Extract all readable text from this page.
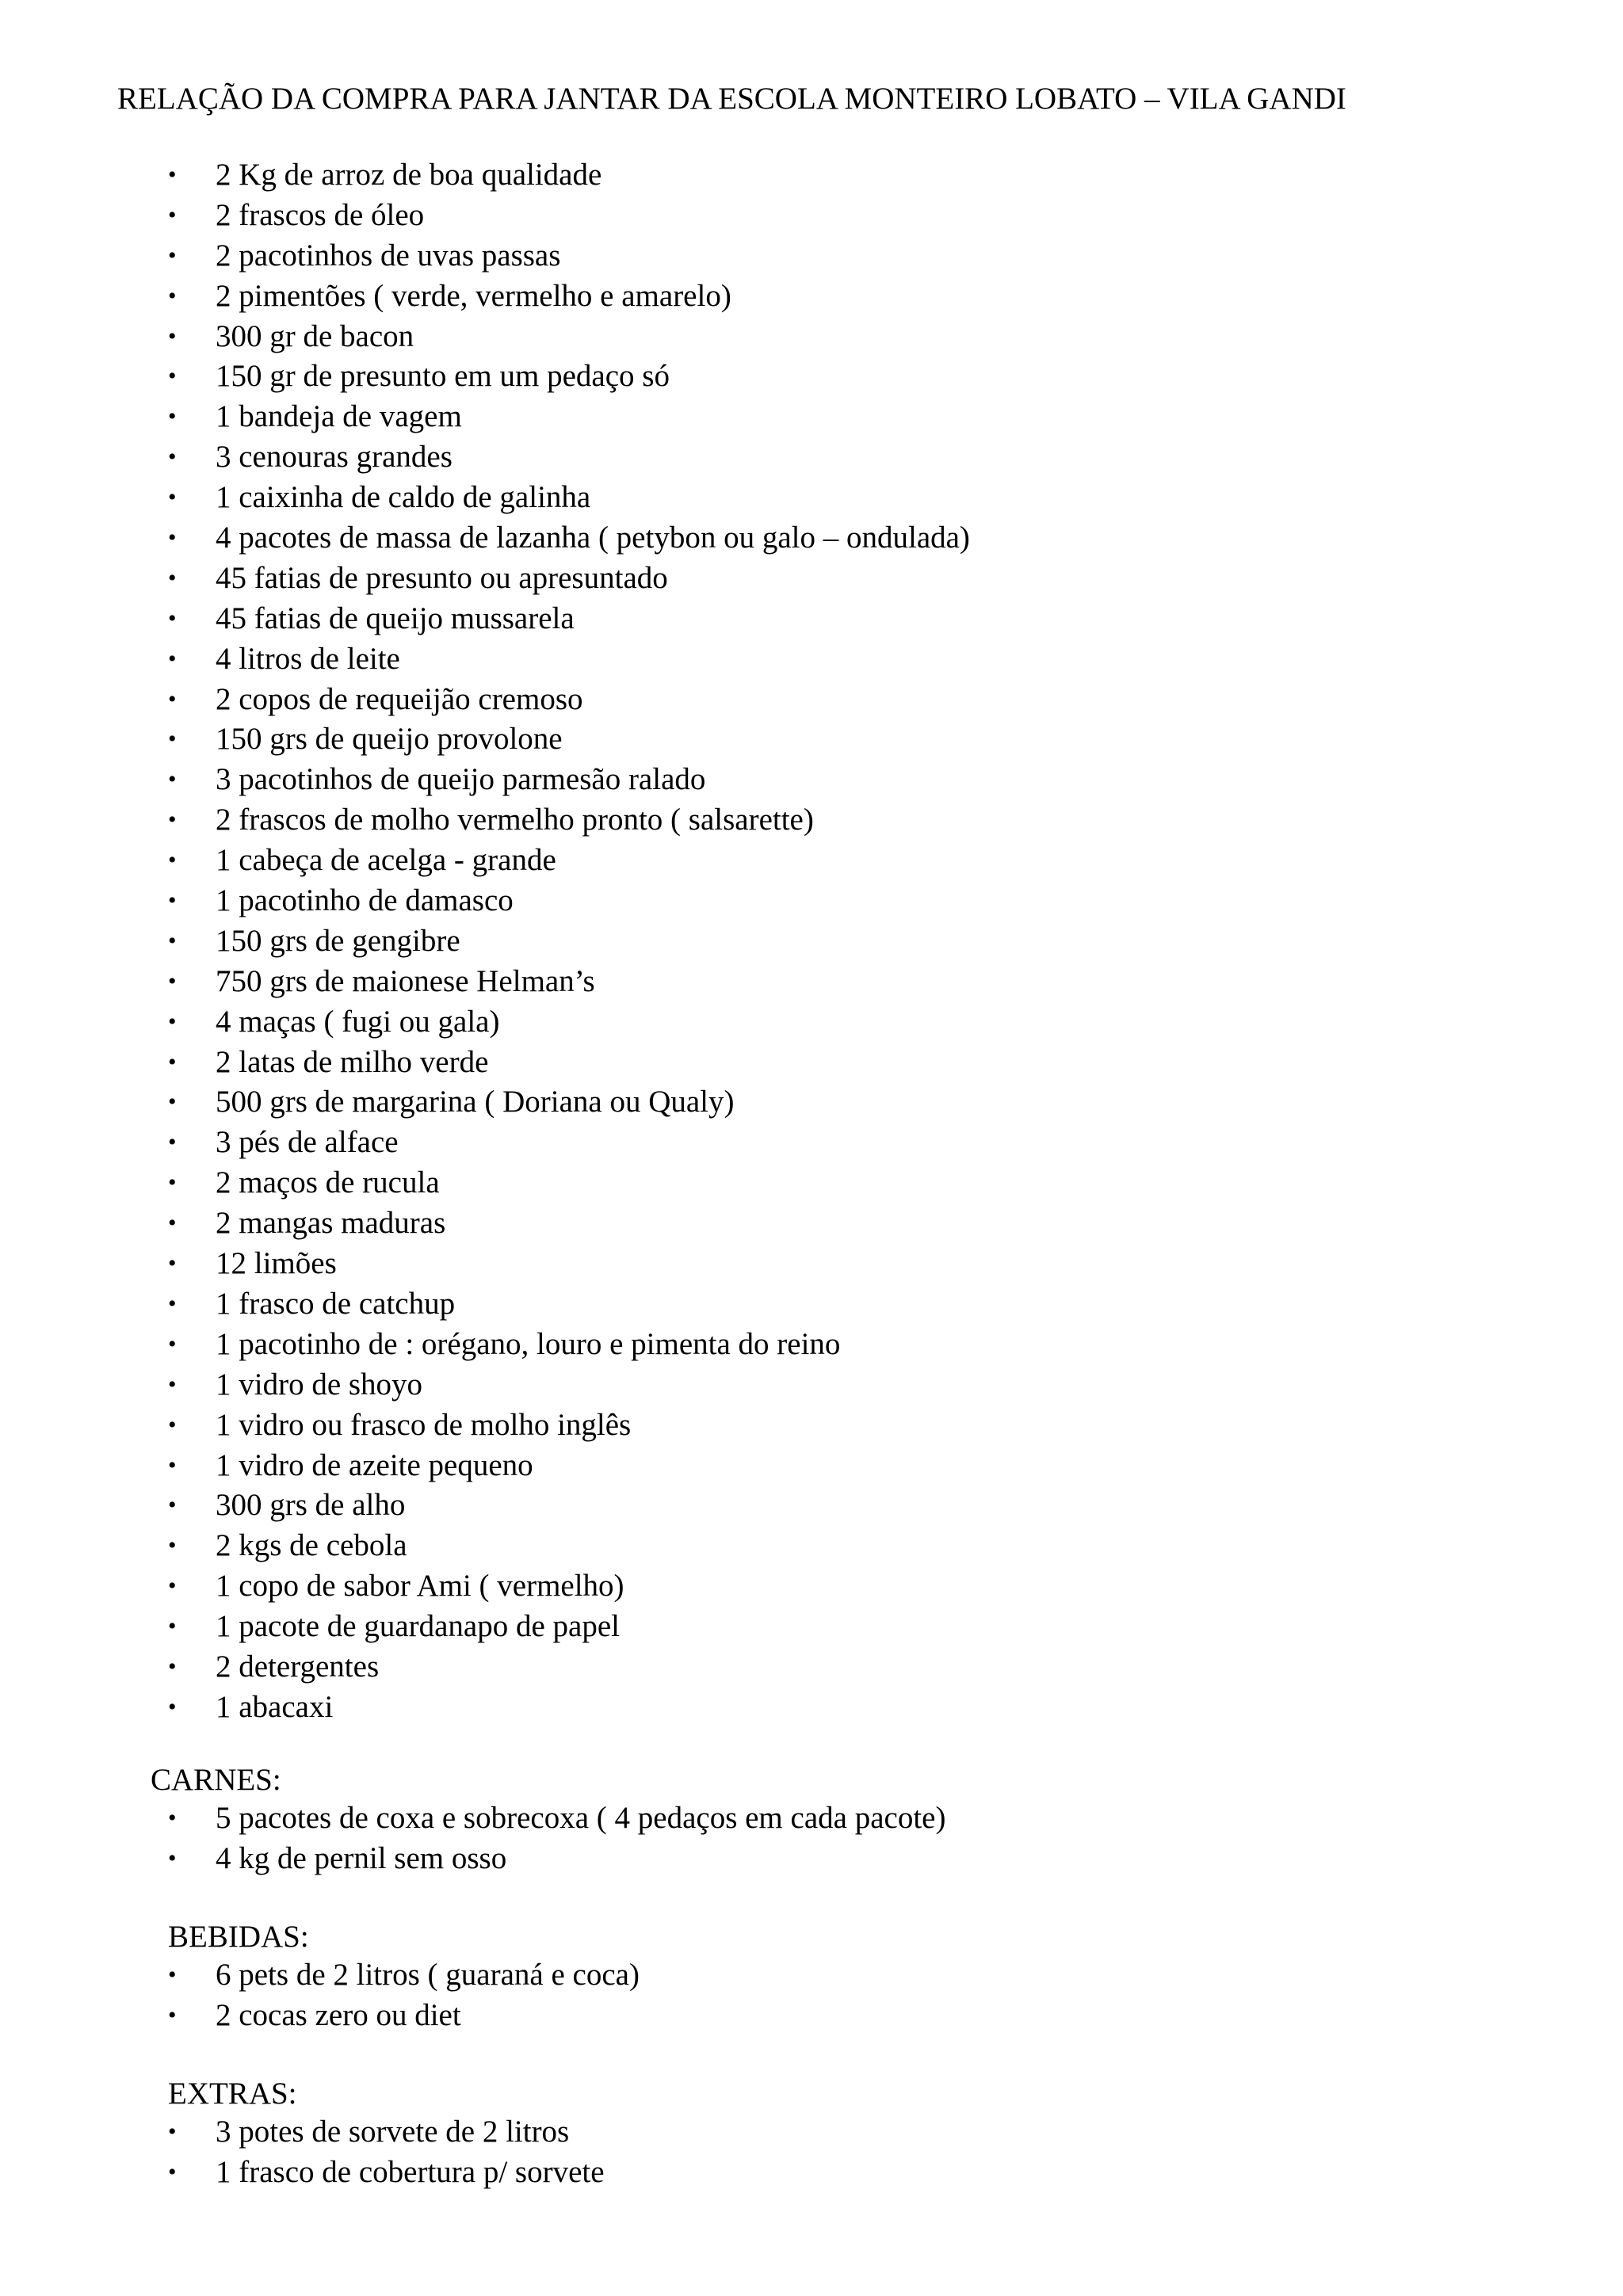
RELAÇÃO DA COMPRA PARA JANTAR DA ESCOLA MONTEIRO LOBATO – VILA GANDI
• 2 Kg de arroz de boa qualidade
• 2 frascos de óleo
• 2 pacotinhos de uvas passas
• 2 pimentões ( verde, vermelho e amarelo)
• 300 gr de bacon
• 150 gr de presunto em um pedaço só
• 1 bandeja de vagem
• 3 cenouras grandes
• 1 caixinha de caldo de galinha
• 4 pacotes de massa de lazanha ( petybon ou galo – ondulada)
• 45 fatias de presunto ou apresuntado
• 45 fatias de queijo mussarela
• 4 litros de leite
• 2 copos de requeijão cremoso
• 150 grs de queijo provolone
• 3 pacotinhos de queijo parmesão ralado
• 2 frascos de molho vermelho pronto ( salsarette)
• 1 cabeça de acelga - grande
• 1 pacotinho de damasco
• 150 grs de gengibre
• 750 grs de maionese Helman’s
• 4 maças ( fugi ou gala)
• 2 latas de milho verde
• 500 grs de margarina ( Doriana ou Qualy)
• 3 pés de alface
• 2 maços de rucula
• 2 mangas maduras
• 12 limões
• 1 frasco de catchup
• 1 pacotinho de : orégano, louro e pimenta do reino
• 1 vidro de shoyo
• 1 vidro ou frasco de molho inglês
• 1 vidro de azeite pequeno
• 300 grs de alho
• 2 kgs de cebola
• 1 copo de sabor Ami ( vermelho)
• 1 pacote de guardanapo de papel
• 2 detergentes
• 1 abacaxi
CARNES:
• 5 pacotes de coxa e sobrecoxa ( 4 pedaços em cada pacote)
• 4 kg de pernil sem osso
BEBIDAS:
• 6 pets de 2 litros ( guaraná e coca)
• 2 cocas zero ou diet
EXTRAS:
• 3 potes de sorvete de 2 litros
• 1 frasco de cobertura p/ sorvete
